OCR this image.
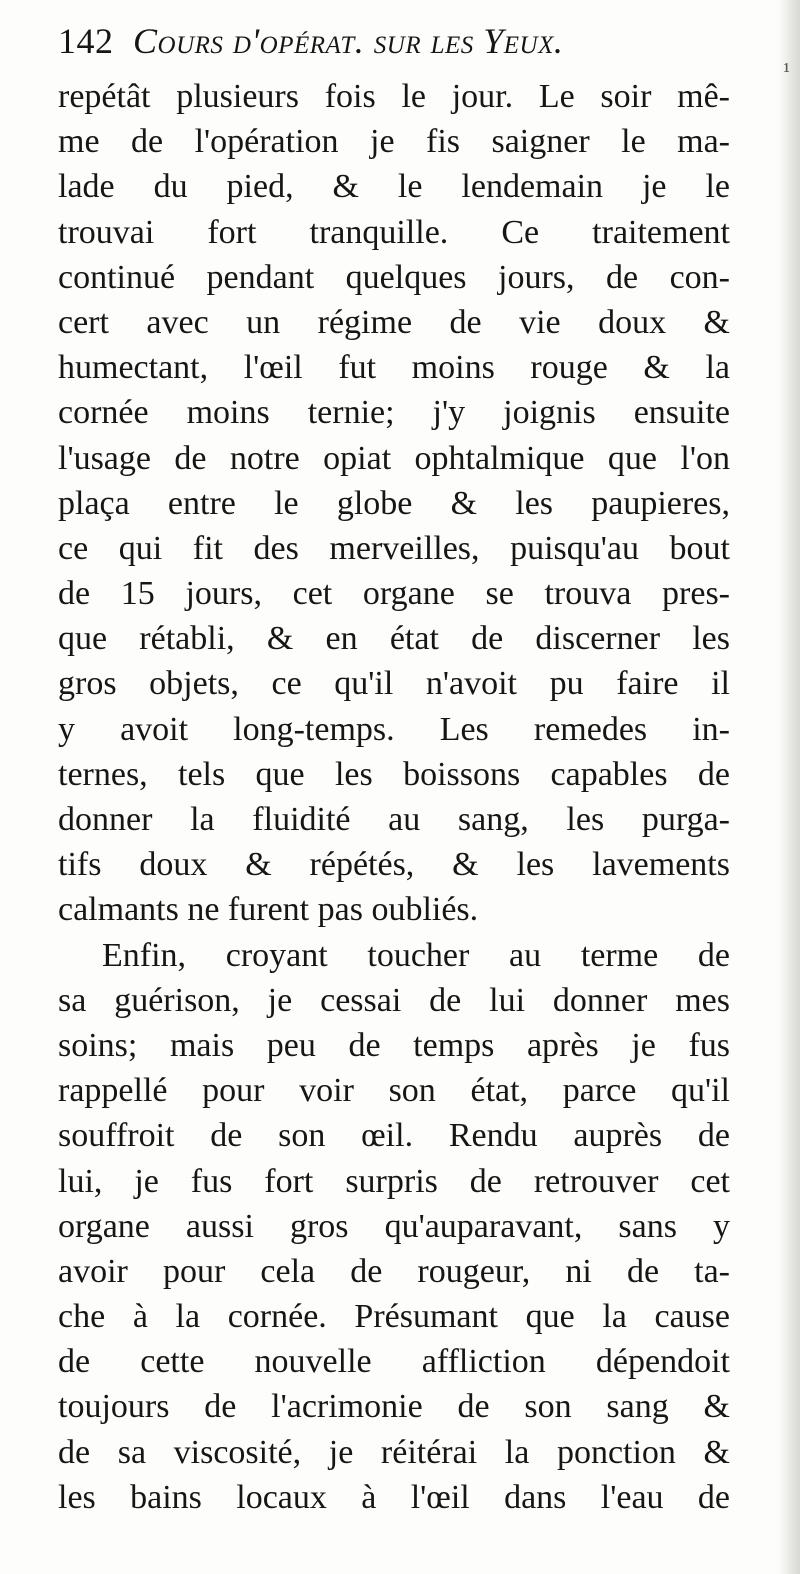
¹
142 Cours d'opérat. sur les Yeux.
repétât plusieurs fois le jour. Le soir mê-
me de l'opération je fis saigner le ma-
lade du pied, & le lendemain je le
trouvai fort tranquille. Ce traitement
continué pendant quelques jours, de con-
cert avec un régime de vie doux &
humectant, l'œil fut moins rouge & la
cornée moins ternie; j'y joignis ensuite
l'usage de notre opiat ophtalmique que l'on
plaça entre le globe & les paupieres,
ce qui fit des merveilles, puisqu'au bout
de 15 jours, cet organe se trouva pres-
que rétabli, & en état de discerner les
gros objets, ce qu'il n'avoit pu faire il
y avoit long-temps. Les remedes in-
ternes, tels que les boissons capables de
donner la fluidité au sang, les purga-
tifs doux & répétés, & les lavements
calmants ne furent pas oubliés.
Enfin, croyant toucher au terme de
sa guérison, je cessai de lui donner mes
soins; mais peu de temps après je fus
rappellé pour voir son état, parce qu'il
souffroit de son œil. Rendu auprès de
lui, je fus fort surpris de retrouver cet
organe aussi gros qu'auparavant, sans y
avoir pour cela de rougeur, ni de ta-
che à la cornée. Présumant que la cause
de cette nouvelle affliction dépendoit
toujours de l'acrimonie de son sang &
de sa viscosité, je réitérai la ponction &
les bains locaux à l'œil dans l'eau de
